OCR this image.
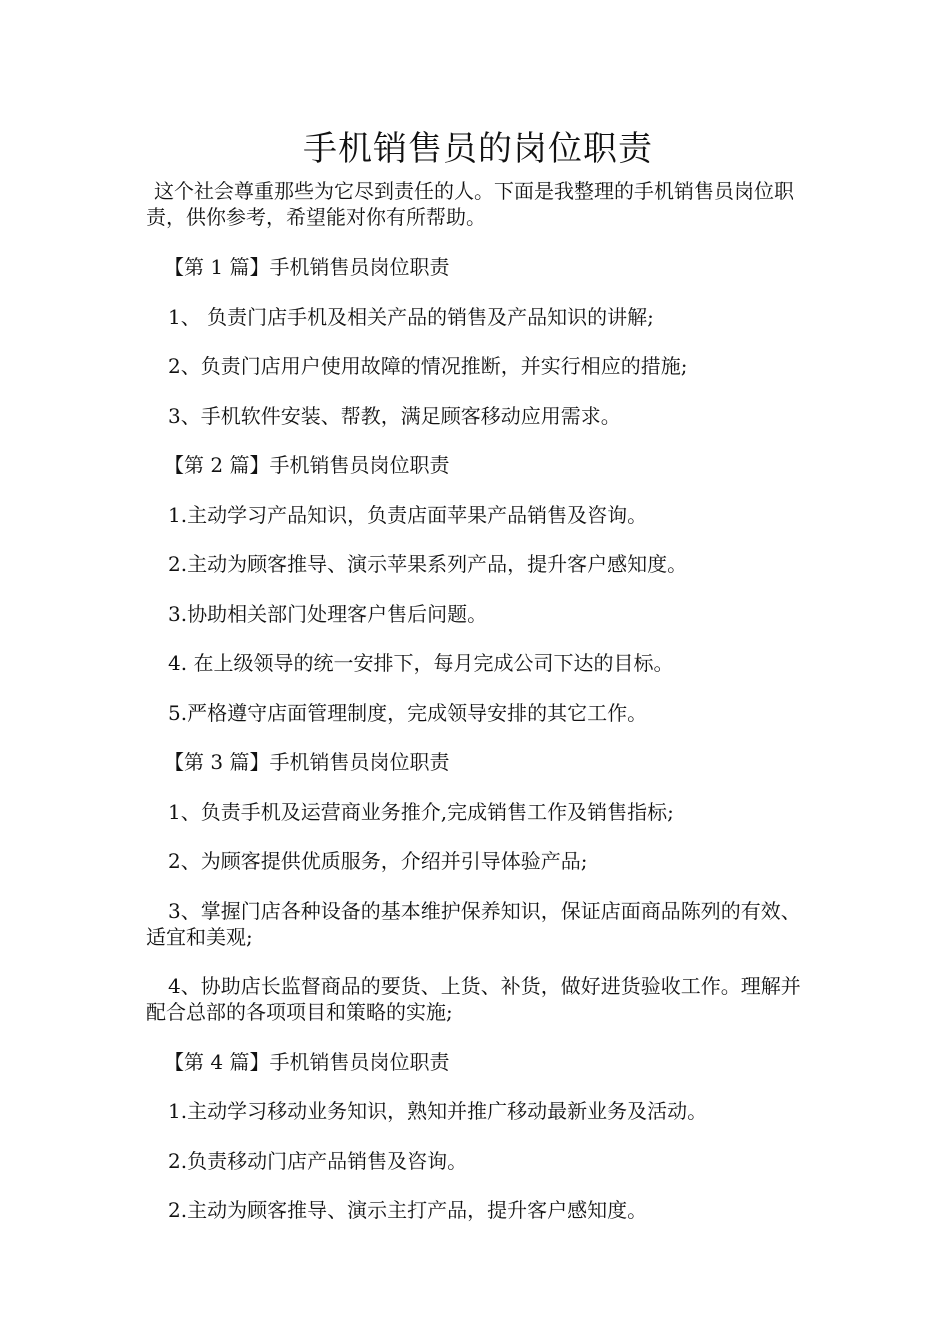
手机销售员的岗位职责

这个社会尊重那些为它尽到责任的人。下面是我整理的手机销售员岗位职责，供你参考，希望能对你有所帮助。

【第 1 篇】手机销售员岗位职责

1、 负责门店手机及相关产品的销售及产品知识的讲解;

2、负责门店用户使用故障的情况推断，并实行相应的措施;

3、手机软件安装、帮教，满足顾客移动应用需求。

【第 2 篇】手机销售员岗位职责

1.主动学习产品知识，负责店面苹果产品销售及咨询。

2.主动为顾客推导、演示苹果系列产品，提升客户感知度。

3.协助相关部门处理客户售后问题。

4. 在上级领导的统一安排下，每月完成公司下达的目标。

5.严格遵守店面管理制度，完成领导安排的其它工作。

【第 3 篇】手机销售员岗位职责

1、负责手机及运营商业务推介,完成销售工作及销售指标;

2、为顾客提供优质服务，介绍并引导体验产品;

3、掌握门店各种设备的基本维护保养知识，保证店面商品陈列的有效、适宜和美观;

4、协助店长监督商品的要货、上货、补货，做好进货验收工作。理解并配合总部的各项项目和策略的实施;

【第 4 篇】手机销售员岗位职责

1.主动学习移动业务知识，熟知并推广移动最新业务及活动。

2.负责移动门店产品销售及咨询。

2.主动为顾客推导、演示主打产品，提升客户感知度。
